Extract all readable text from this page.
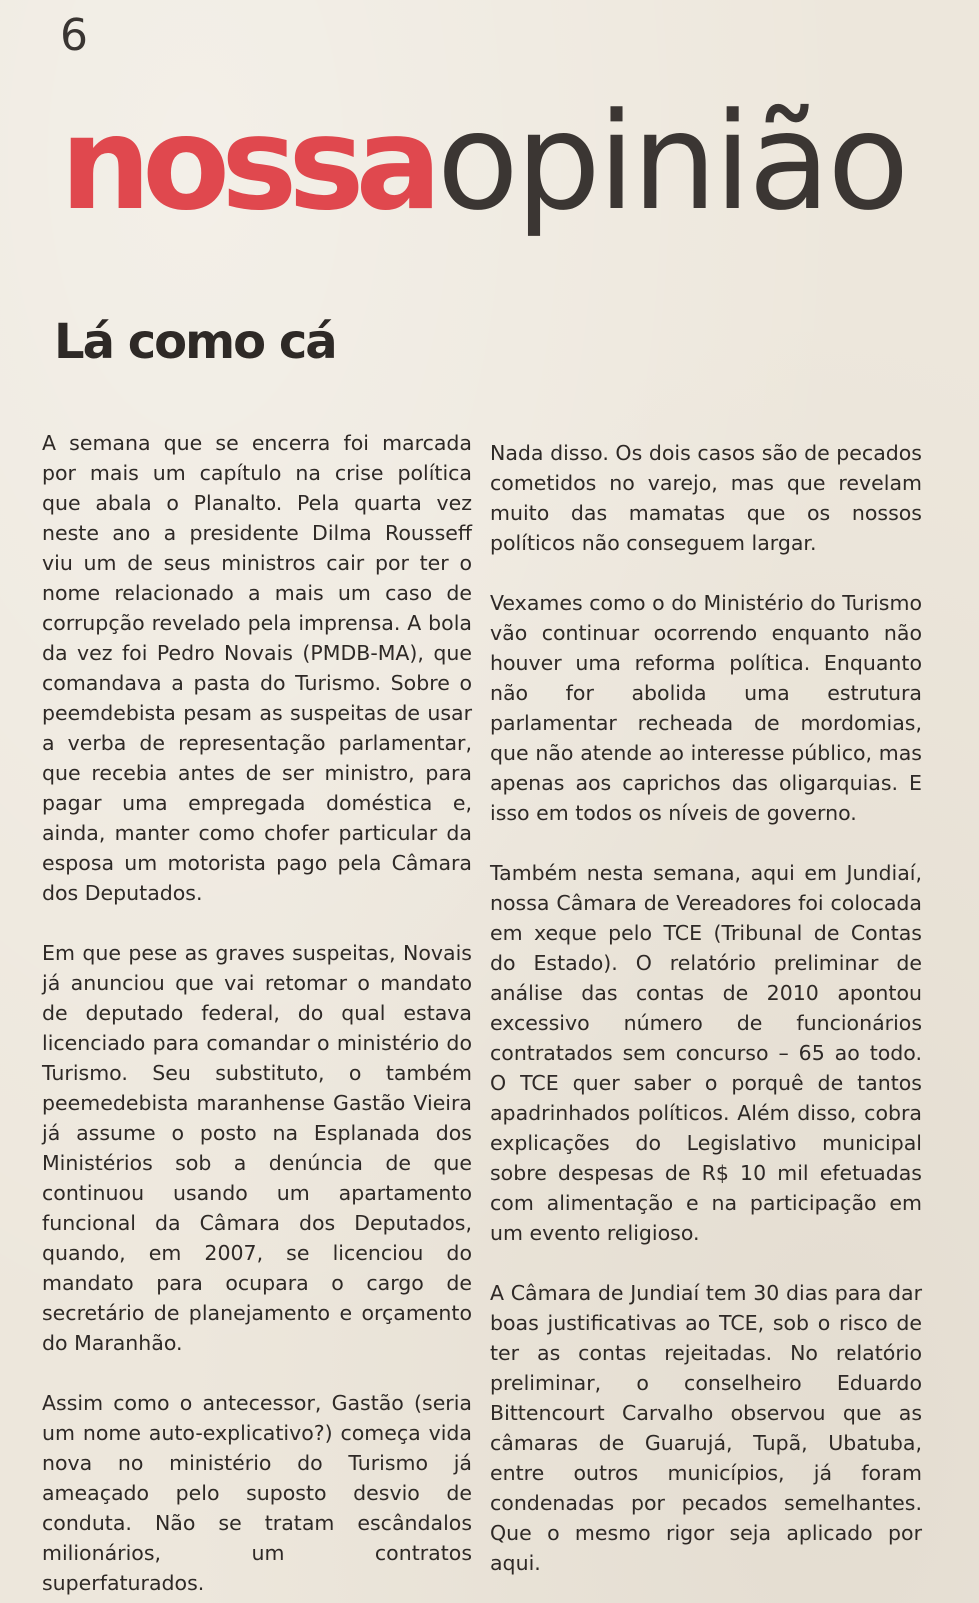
6
nossaopinião
Lá como cá

A semana que se encerra foi marcada por mais um capítulo na crise política que abala o Planalto. Pela quarta vez neste ano a presidente Dilma Rousseff viu um de seus ministros cair por ter o nome relacionado a mais um caso de corrupção revelado pela imprensa. A bola da vez foi Pedro Novais (PMDB-MA), que comandava a pasta do Turismo. Sobre o peemdebista pesam as suspeitas de usar a verba de representação parlamentar, que recebia antes de ser ministro, para pagar uma empregada doméstica e, ainda, manter como chofer particular da esposa um motorista pago pela Câmara dos Deputados.

Em que pese as graves suspeitas, Novais já anunciou que vai retomar o mandato de deputado federal, do qual estava licenciado para comandar o ministério do Turismo. Seu substituto, o também peemedebista maranhense Gastão Vieira já assume o posto na Esplanada dos Ministérios sob a denúncia de que continuou usando um apartamento funcional da Câmara dos Deputados, quando, em 2007, se licenciou do mandato para ocupara o cargo de secretário de planejamento e orçamento do Maranhão.

Assim como o antecessor, Gastão (seria um nome auto-explicativo?) começa vida nova no ministério do Turismo já ameaçado pelo suposto desvio de conduta. Não se tratam escândalos milionários, um contratos superfaturados.

Nada disso. Os dois casos são de pecados cometidos no varejo, mas que revelam muito das mamatas que os nossos políticos não conseguem largar.

Vexames como o do Ministério do Turismo vão continuar ocorrendo enquanto não houver uma reforma política. Enquanto não for abolida uma estrutura parlamentar recheada de mordomias, que não atende ao interesse público, mas apenas aos caprichos das oligarquias. E isso em todos os níveis de governo.

Também nesta semana, aqui em Jundiaí, nossa Câmara de Vereadores foi colocada em xeque pelo TCE (Tribunal de Contas do Estado). O relatório preliminar de análise das contas de 2010 apontou excessivo número de funcionários contratados sem concurso – 65 ao todo. O TCE quer saber o porquê de tantos apadrinhados políticos. Além disso, cobra explicações do Legislativo municipal sobre despesas de R$ 10 mil efetuadas com alimentação e na participação em um evento religioso.

A Câmara de Jundiaí tem 30 dias para dar boas justificativas ao TCE, sob o risco de ter as contas rejeitadas. No relatório preliminar, o conselheiro Eduardo Bittencourt Carvalho observou que as câmaras de Guarujá, Tupã, Ubatuba, entre outros municípios, já foram condenadas por pecados semelhantes. Que o mesmo rigor seja aplicado por aqui.
